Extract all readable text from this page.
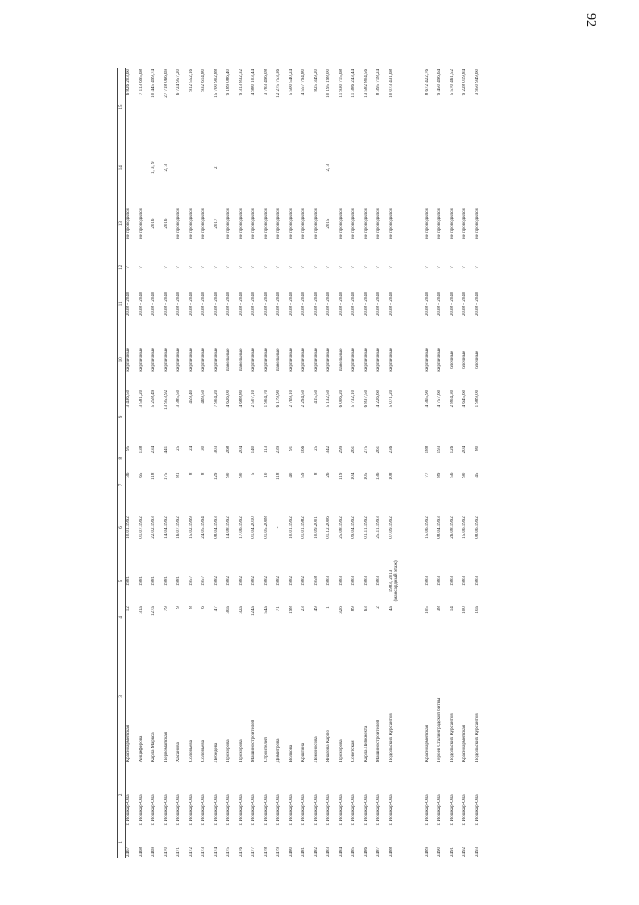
92
1	2	3	4	5	6	7	8	9	10	11	12	13	14	15
2467	г. Йошкар-Ола	Красноармейская	12	1981	10.01.1992	36	95	3 436,50	кирпичные	2038 - 2040	7	не проводился		6 826 203,60
2468	г. Йошкар-Ола	Анциферова	31а	1981	01.07.1992	65	138	3 581,20	кирпичные	2038 - 2040	7	не проводился		7 113 695,68
2469	г. Йошкар-Ола	Карла Маркса	127а	1981	22.02.1993	118	234	5 258,49	кирпичные	2038 - 2040		2016	1, 3, 9	10 445 499,74
2470	г. Йошкар-Ола	Первомайская	79	1981	14.04.1992	175	441	13 953,92	кирпичные	2038 - 2040	7	2016	2, 3	27 718 066,69
2471	г. Йошкар-Ола	Хасанова	9	1981	16.07.1992	81	25	3 385,50	кирпичные	2038 - 2040	7	не проводился		6 724 957,20
2472	г. Йошкар-Ола	Соловьева	8	1957	15.02.1999	8	24	459,40	кирпичные	2038 - 2040	7	не проводился		912 552,16
2473	г. Йошкар-Ола	Соловьева	6	1957	24.05.1994	8	30	469,50	кирпичные	2038 - 2040	7	не проводился		932 614,80
2474	г. Йошкар-Ола	Лебедева	47	1982	08.04.1993	129	303	7 904,20	кирпичные	2038 - 2040	7	2017	2	15 700 902,88
2475	г. Йошкар-Ола	Прохорова	30а	1982	14.08.1992	90	268	4 626,00	панельные	2038 - 2040	7	не проводился		9 189 086,40
2476	г. Йошкар-Ола	Прохорова	32а	1982	17.06.1992	90	204	4 688,80	панельные	2038 - 2040	7	не проводился		9 313 832,32
2477	г. Йошкар-Ола	Машиностроителей	124а	1982	01.04.2010	5	140	2 507,10	кирпичные	2038 - 2040	7	не проводился		4 980 103,44
2478	г. Йошкар-Ола	Строителей	54а	1982	01.05.2008	10	113	1 904,70	кирпичные	2038 - 2040	7	не проводился		3 783 496,08
2479	г. Йошкар-Ола	Димитрова	71	1982	-	118	239	6 179,90	панельные	2038 - 2040	7	не проводился		12 275 753,36
2480	г. Йошкар-Ола	Волкова	198	1982	10.01.1992	40	91	2 769,10	кирпичные	2038 - 2040	7	не проводился		5 500 540,24
2481	г. Йошкар-Ола	Кршгина	23	1982	01.01.1982	59	166	2 294,50	кирпичные	2038 - 2040	7	не проводился		4 557 794,80
2482	г. Йошкар-Ола	Ломоносова	49	1958	10.09.2001	8	25	415,50	кирпичные	2038 - 2040	7	не проводился		825 349,20
2483	г. Йошкар-Ола	Яналова Карпо	1	1983	01.12.2006	26	342	5 132,50	кирпичные	2038 - 2040	7	2015	2, 3	10 195 198,00
2484	г. Йошкар-Ола	Прохорова	32б	1983	25.08.1992	119	299	6 006,20	панельные	2038 - 2040	7	не проводился		11 930 715,68
2485	г. Йошкар-Ола	Советская	89	1983	09.04.1992	104	261	5 732,10	кирпичные	2038 - 2040	7	не проводился		11 386 243,44
2486	г. Йошкар-Ола	Карла Либкнехта	63	1983	01.11.1992	105	275	6 837,50	кирпичные	2038 - 2040	7	не проводился		13 582 804,56
2487	г. Йошкар-Ола	Машиностроителей	2	1983	25.11.1993	136	261	4 226,60	кирпичные	2038 - 2040	7	не проводился		8 395 718,24
2488	г. Йошкар-Ола	Подольских Курсантов	4а	1983, 2013 (мансардный этаж)	07.09.1992	108	236	5 071,20	кирпичные	2038 - 2040	7	не проводился		10 073 431,68

2489	г. Йошкар-Ола	Красноармейская	105	1983	15.06.1992	77	188	4 365,90	кирпичные	2038 - 2040	7	не проводился		8 672 422,76
2490	г. Йошкар-Ола	Героев Сталинградской битвы	38	1983	08.04.1993	89	193	4 757,60	кирпичные	2038 - 2040	7	не проводился		9 450 496,64
2491	г. Йошкар-Ола	Подольских Курсантов	14	1983	26.08.1992	56	126	2 804,30	блочные	2038 - 2040	7	не проводился		5 570 461,52
2492	г. Йошкар-Ола	Красноармейская	100	1983	15.06.1992	90	204	4 645,60	блочные	2038 - 2040	7	не проводился		9 228 019,84
2493	г. Йошкар-Ола	Подольских Курсантов	10а	1983	08.06.1992	45	80	1 989,00	блочные	2038 - 2040	7	не проводился		3 950 949,60
